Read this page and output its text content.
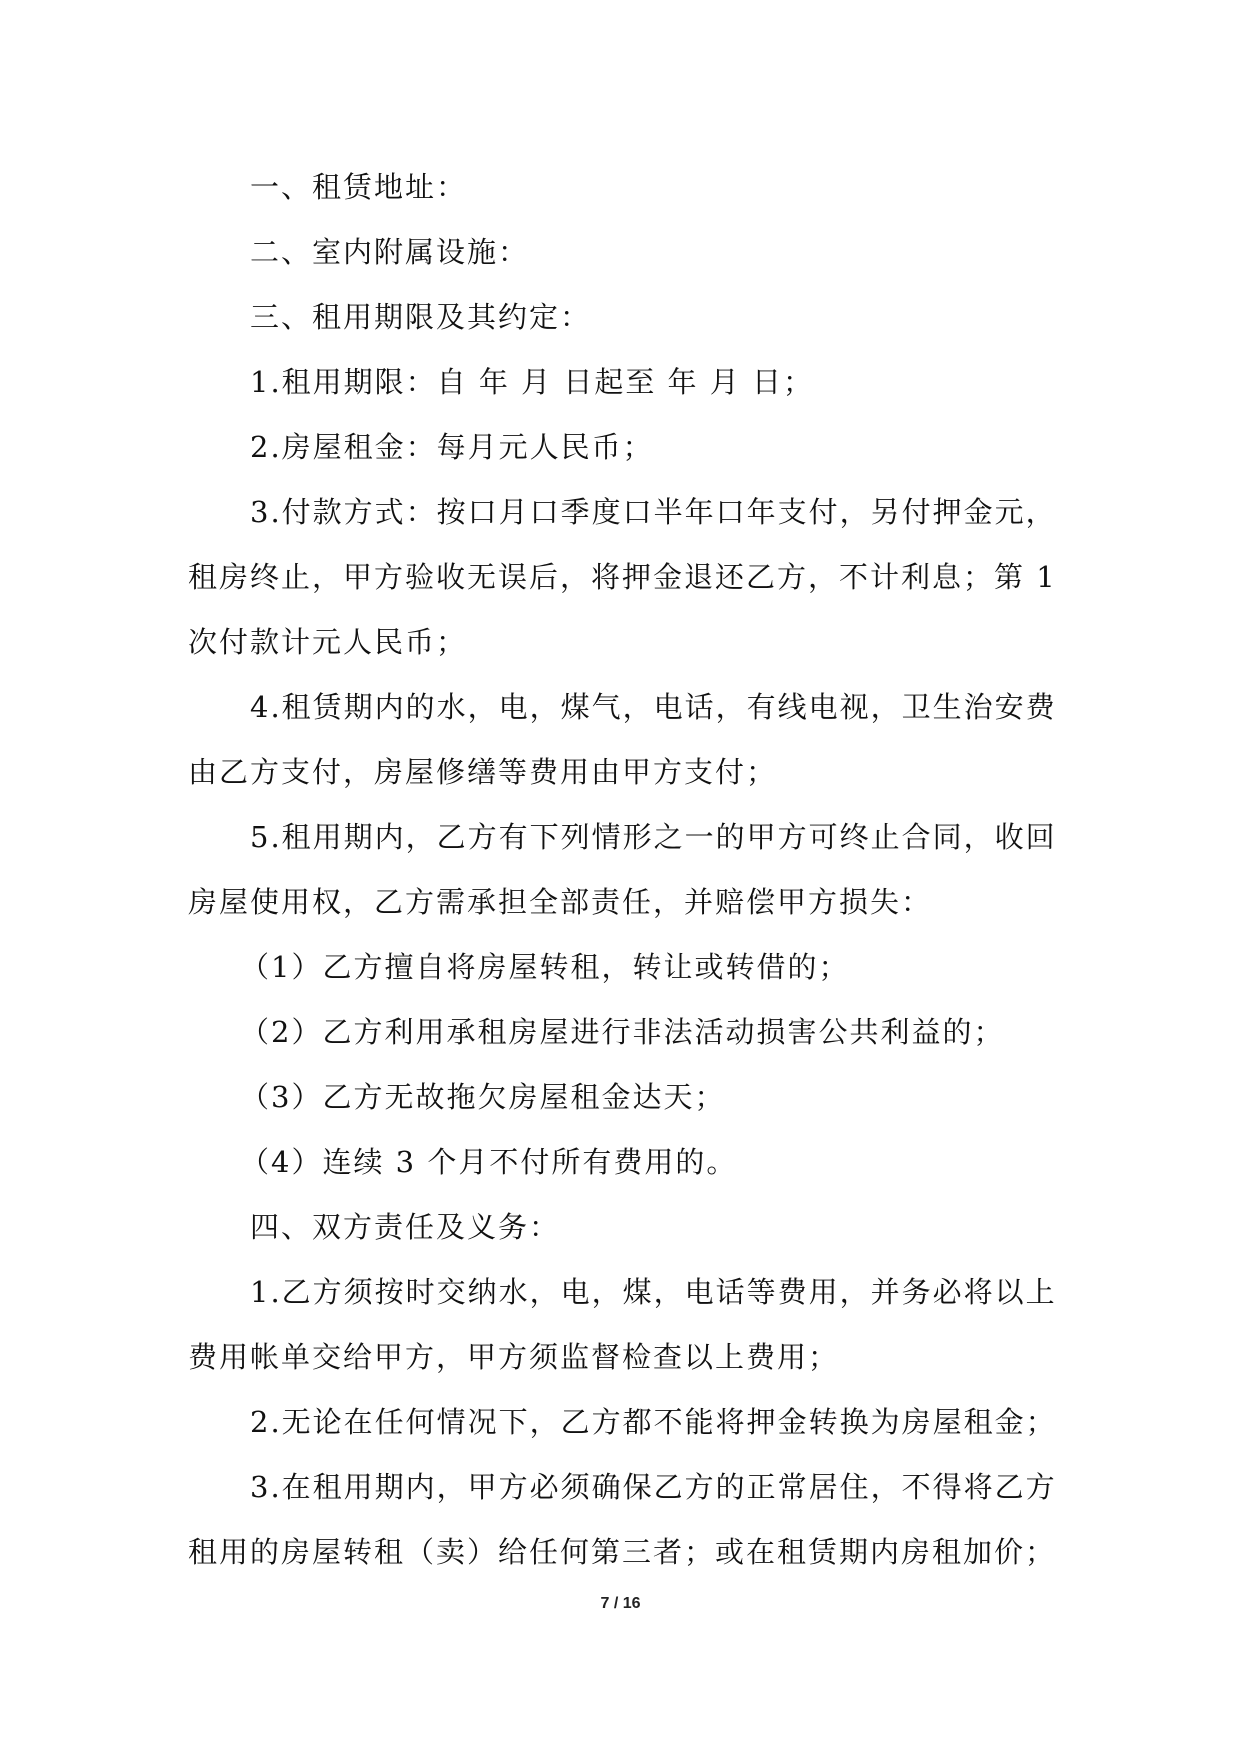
一、租赁地址：
二、室内附属设施：
三、租用期限及其约定：
1.租用期限：自 年 月 日起至 年 月 日；
2.房屋租金：每月元人民币；
3.付款方式：按口月口季度口半年口年支付，另付押金元，
租房终止，甲方验收无误后，将押金退还乙方，不计利息；第 1
次付款计元人民币；
4.租赁期内的水，电，煤气，电话，有线电视，卫生治安费
由乙方支付，房屋修缮等费用由甲方支付；
5.租用期内，乙方有下列情形之一的甲方可终止合同，收回
房屋使用权，乙方需承担全部责任，并赔偿甲方损失：
（1）乙方擅自将房屋转租，转让或转借的；
（2）乙方利用承租房屋进行非法活动损害公共利益的；
（3）乙方无故拖欠房屋租金达天；
（4）连续 3 个月不付所有费用的。
四、双方责任及义务：
1.乙方须按时交纳水，电，煤，电话等费用，并务必将以上
费用帐单交给甲方，甲方须监督检查以上费用；
2.无论在任何情况下，乙方都不能将押金转换为房屋租金；
3.在租用期内，甲方必须确保乙方的正常居住，不得将乙方
租用的房屋转租（卖）给任何第三者；或在租赁期内房租加价；
7 / 16
